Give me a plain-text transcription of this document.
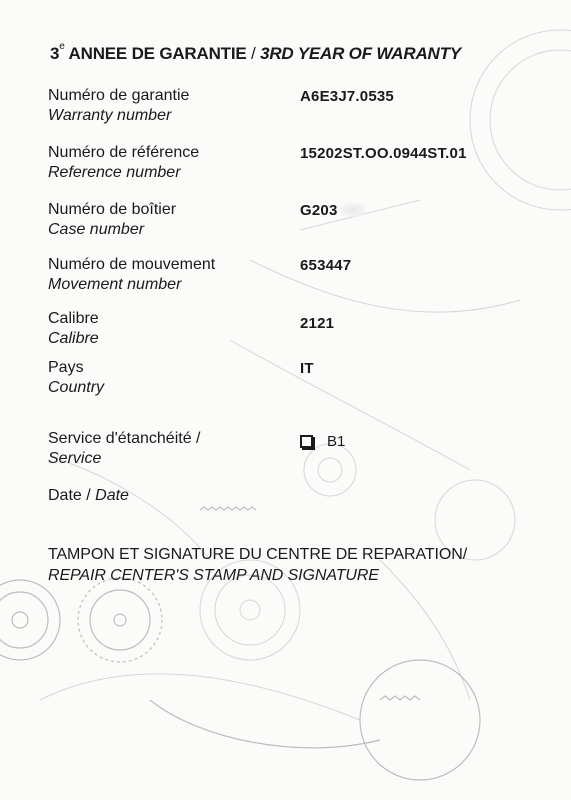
3e ANNEE DE GARANTIE / 3RD YEAR OF WARANTY
Numéro de garantie
Warranty number
A6E3J7.0535
Numéro de référence
Reference number
15202ST.OO.0944ST.01
Numéro de boîtier
Case number
G203
Numéro de mouvement
Movement number
653447
Calibre
Calibre
2121
Pays
Country
IT
Service d'étanchéité /
Service
B1
Date / Date
TAMPON ET SIGNATURE DU CENTRE DE REPARATION/
REPAIR CENTER'S STAMP AND SIGNATURE
